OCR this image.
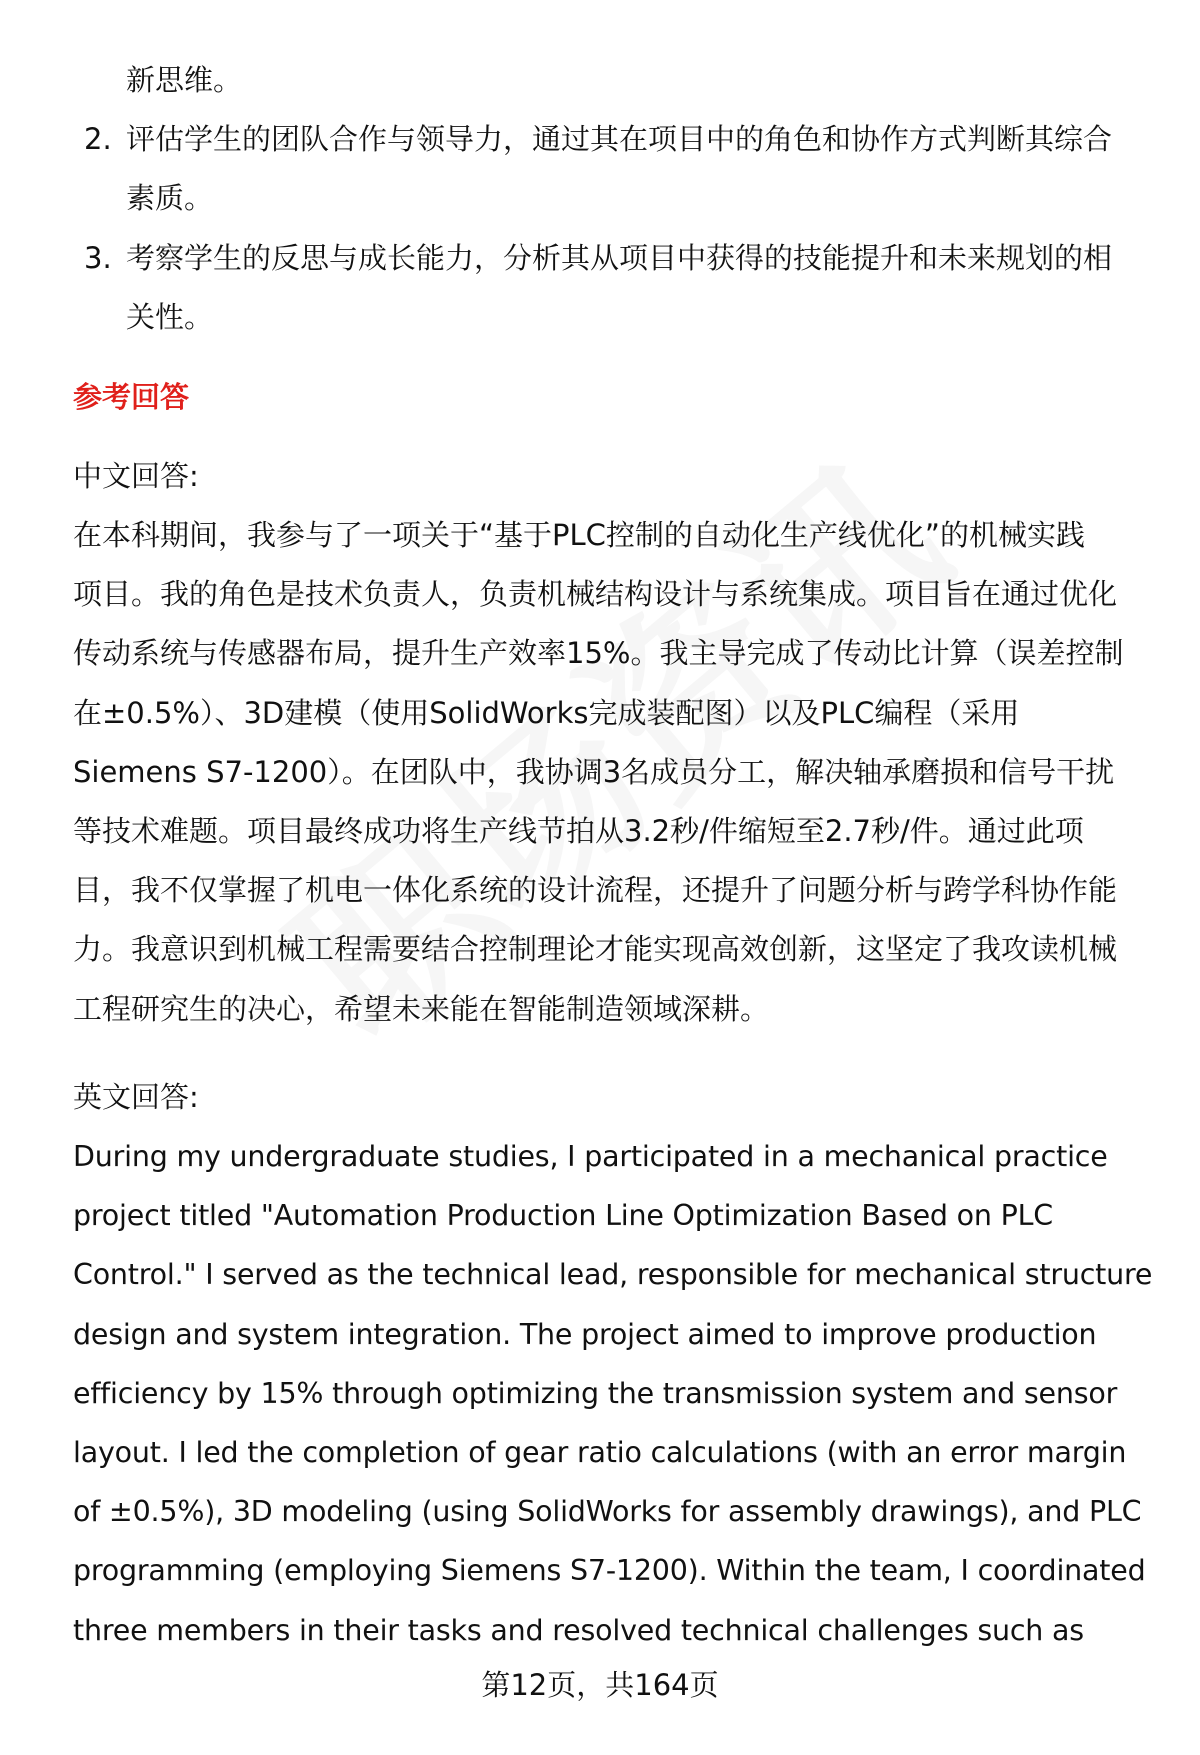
新思维。
2. 评估学生的团队合作与领导力，通过其在项目中的角色和协作方式判断其综合
素质。
3. 考察学生的反思与成长能力，分析其从项目中获得的技能提升和未来规划的相
关性。
参考回答
中文回答:
在本科期间，我参与了一项关于“基于PLC控制的自动化生产线优化”的机械实践
项目。我的角色是技术负责人，负责机械结构设计与系统集成。项目旨在通过优化
传动系统与传感器布局，提升生产效率15%。我主导完成了传动比计算（误差控制
在±0.5%）、3D建模（使用SolidWorks完成装配图）以及PLC编程（采用
Siemens S7-1200）。在团队中，我协调3名成员分工，解决轴承磨损和信号干扰
等技术难题。项目最终成功将生产线节拍从3.2秒/件缩短至2.7秒/件。通过此项
目，我不仅掌握了机电一体化系统的设计流程，还提升了问题分析与跨学科协作能
力。我意识到机械工程需要结合控制理论才能实现高效创新，这坚定了我攻读机械
工程研究生的决心，希望未来能在智能制造领域深耕。
英文回答:
During my undergraduate studies, I participated in a mechanical practice
project titled "Automation Production Line Optimization Based on PLC
Control." I served as the technical lead, responsible for mechanical structure
design and system integration. The project aimed to improve production
efficiency by 15% through optimizing the transmission system and sensor
layout. I led the completion of gear ratio calculations (with an error margin
of ±0.5%), 3D modeling (using SolidWorks for assembly drawings), and PLC
programming (employing Siemens S7-1200). Within the team, I coordinated
three members in their tasks and resolved technical challenges such as
第12页，共164页
